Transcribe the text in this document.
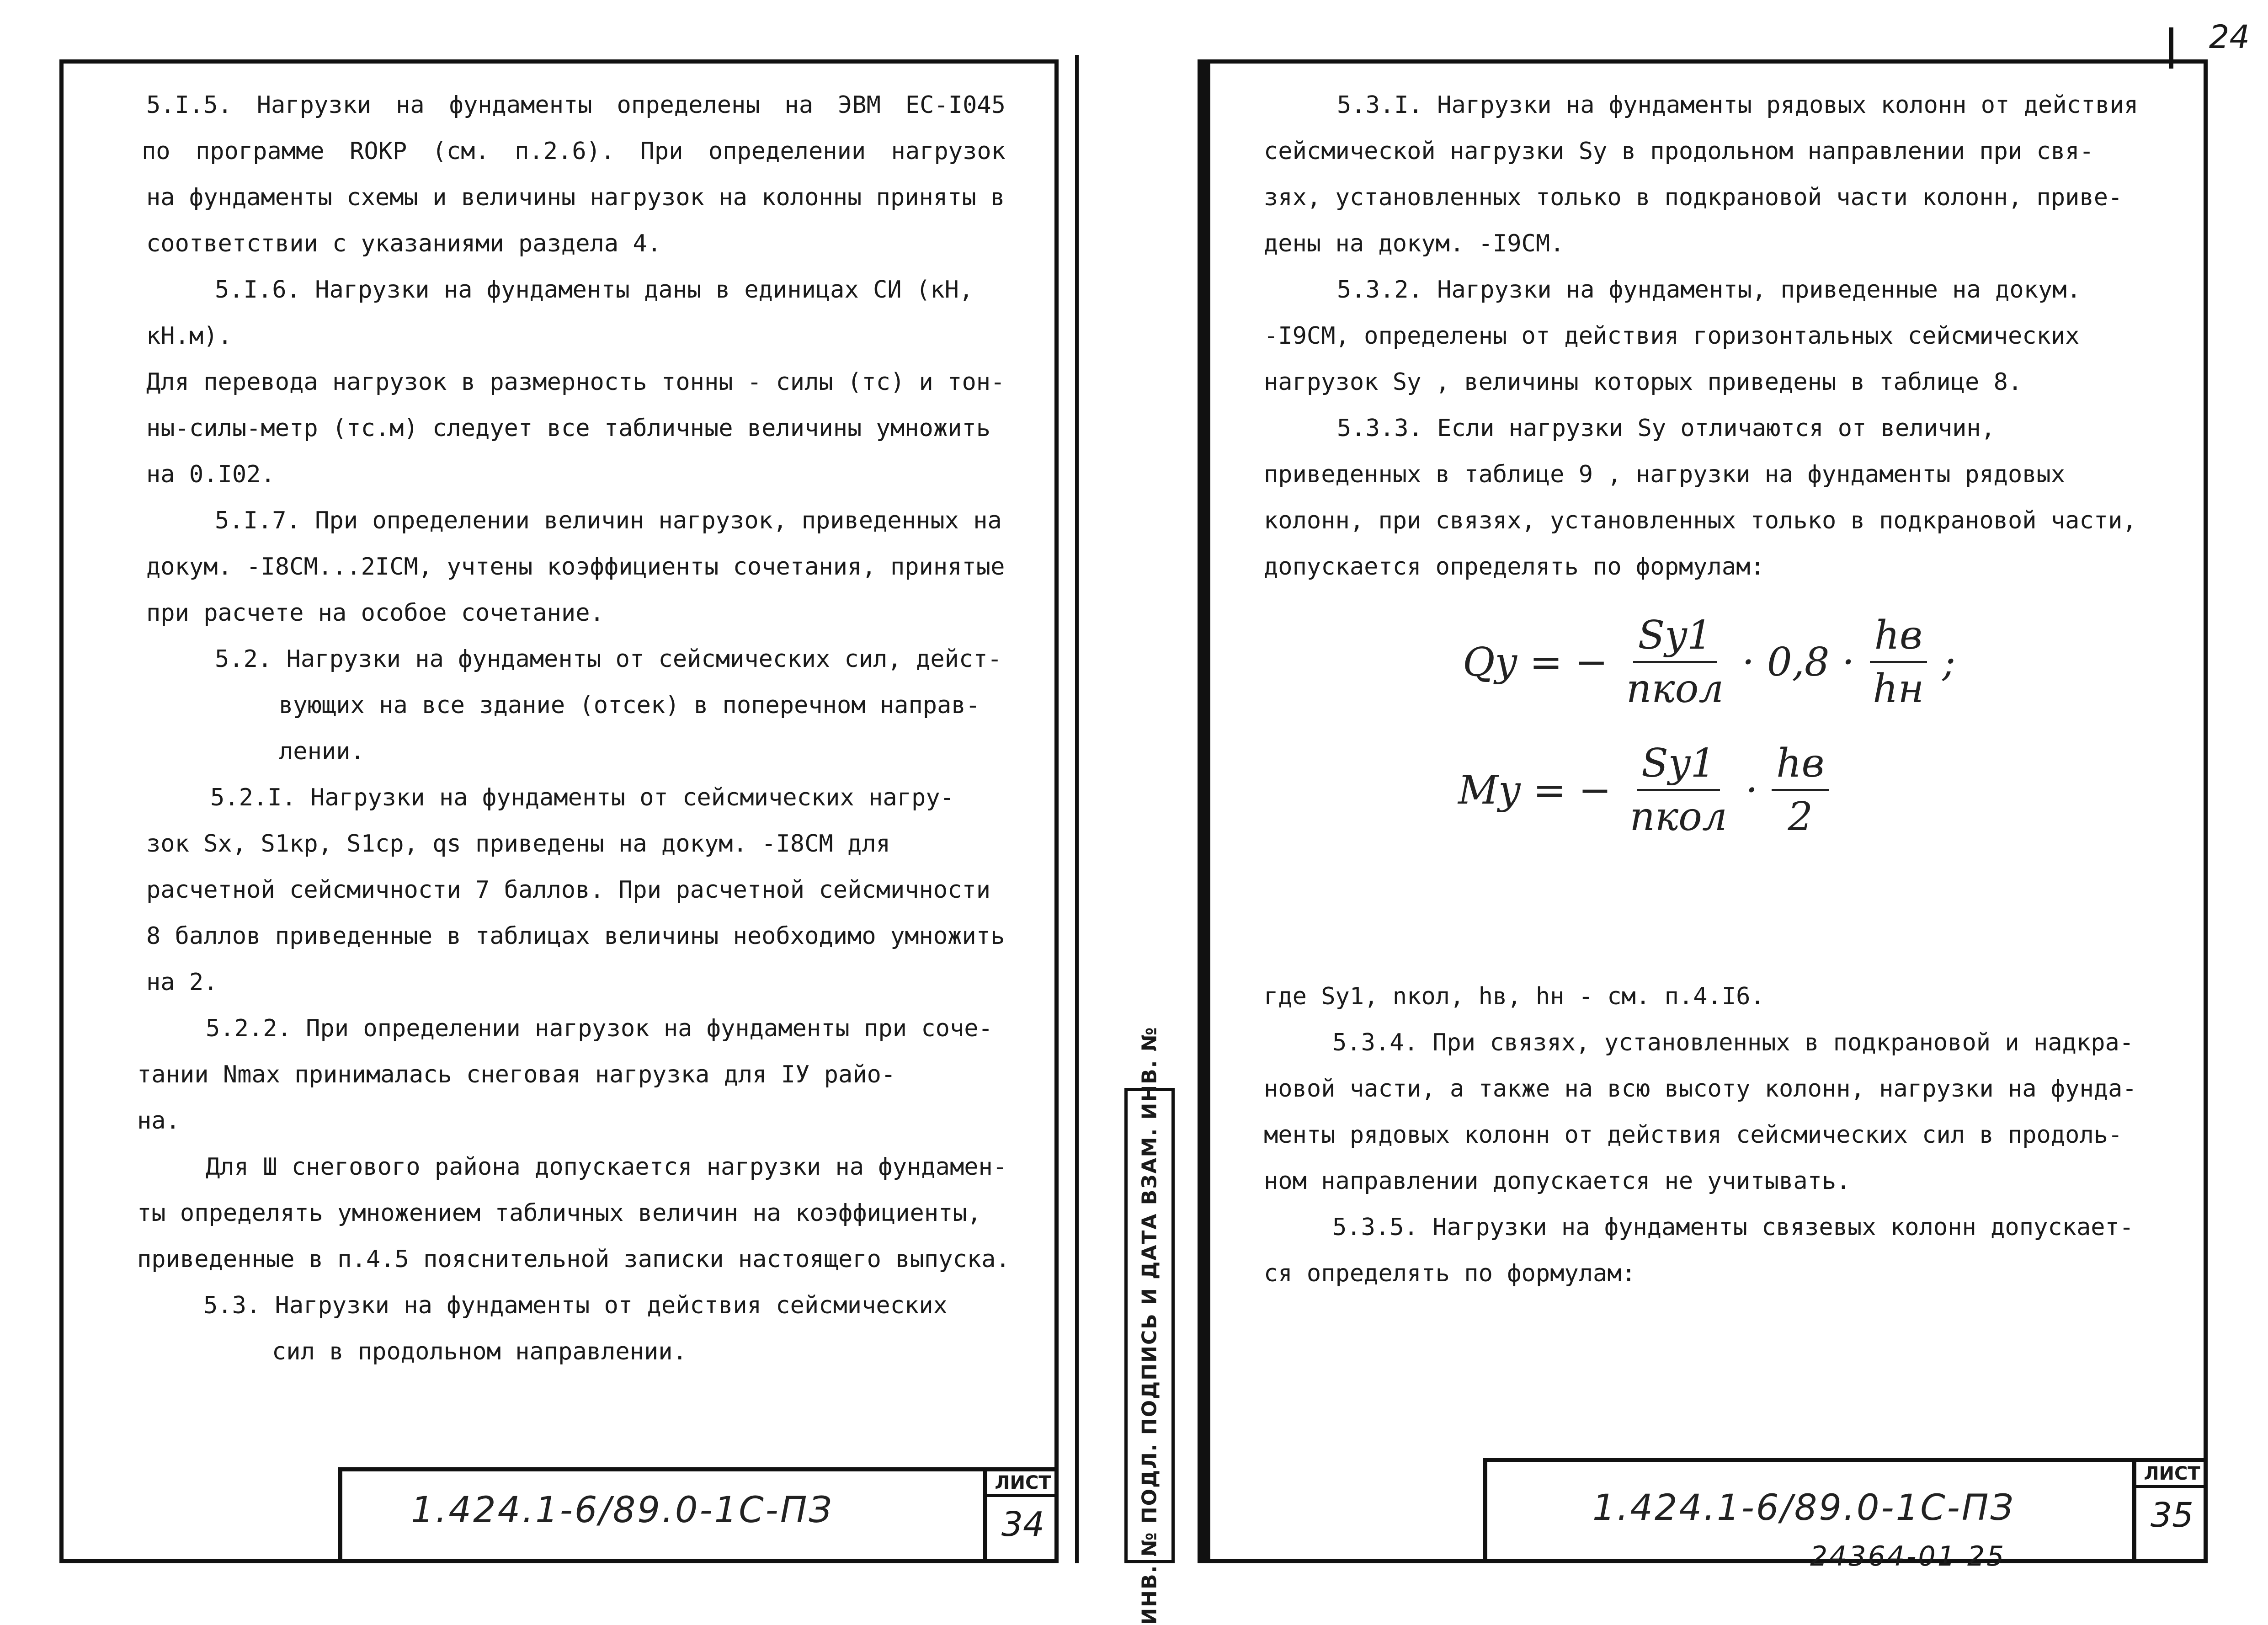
5.I.5. Нагрузки на фундаменты определены на ЭВМ ЕС-I045
по программе ROKP (см. п.2.6). При определении нагрузок
на фундаменты схемы и величины нагрузок на колонны приняты в
соответствии с указаниями раздела 4.
5.I.6. Нагрузки на фундаменты даны в единицах СИ (кН,
кН.м).
Для перевода нагрузок в размерность тонны - силы (тс) и тон-
ны-силы-метр (тс.м) следует все табличные величины умножить
на 0.I02.
5.I.7. При определении величин нагрузок, приведенных на
докум. -I8СМ...2IСМ, учтены коэффициенты сочетания, принятые
при расчете на особое сочетание.
5.2. Нагрузки на фундаменты от сейсмических сил, дейст-
вующих на все здание (отсек) в поперечном направ-
лении.
5.2.I. Нагрузки на фундаменты от сейсмических нагру-
зок Sx, S1кр, S1ср, qs приведены на докум. -I8СМ для
расчетной сейсмичности 7 баллов. При расчетной сейсмичности
8 баллов приведенные в таблицах величины необходимо умножить
на 2.
5.2.2. При определении нагрузок на фундаменты при соче-
тании Nmax принималась снеговая нагрузка для IУ райо-
на.
Для Ш снегового района допускается нагрузки на фундамен-
ты определять умножением табличных величин на коэффициенты,
приведенные в п.4.5 пояснительной записки настоящего выпуска.
5.3. Нагрузки на фундаменты от действия сейсмических
сил в продольном направлении.
1.424.1-6/89.0-1С-ПЗ
ЛИСТ
34
24
5.3.I. Нагрузки на фундаменты рядовых колонн от действия
сейсмической нагрузки Sy в продольном направлении при свя-
зях, установленных только в подкрановой части колонн, приве-
дены на докум. -I9СМ.
5.3.2. Нагрузки на фундаменты, приведенные на докум.
-I9СМ, определены от действия горизонтальных сейсмических
нагрузок Sy , величины которых приведены в таблице 8.
5.3.3. Если нагрузки Sy отличаются от величин,
приведенных в таблице 9 , нагрузки на фундаменты рядовых
колонн, при связях, установленных только в подкрановой части,
допускается определять по формулам:
Qy = − $\frac{Sy1}{\text{nкол}} \cdot 0,8 \cdot \frac{hв}{hн}$ ;
My = − $\frac{Sy1}{\text{nкол}} \cdot \frac{hв}{2}$
где Sy1, nкол, hв, hн - см. п.4.I6.
5.3.4. При связях, установленных в подкрановой и надкра-
новой части, а также на всю высоту колонн, нагрузки на фунда-
менты рядовых колонн от действия сейсмических сил в продоль-
ном направлении допускается не учитывать.
5.3.5. Нагрузки на фундаменты связевых колонн допускает-
ся определять по формулам:
1.424.1-6/89.0-1С-ПЗ
ЛИСТ
35
ИНВ. № ПОДЛ. ПОДПИСЬ И ДАТА ВЗАМ. ИНВ. №	24364-01 25
